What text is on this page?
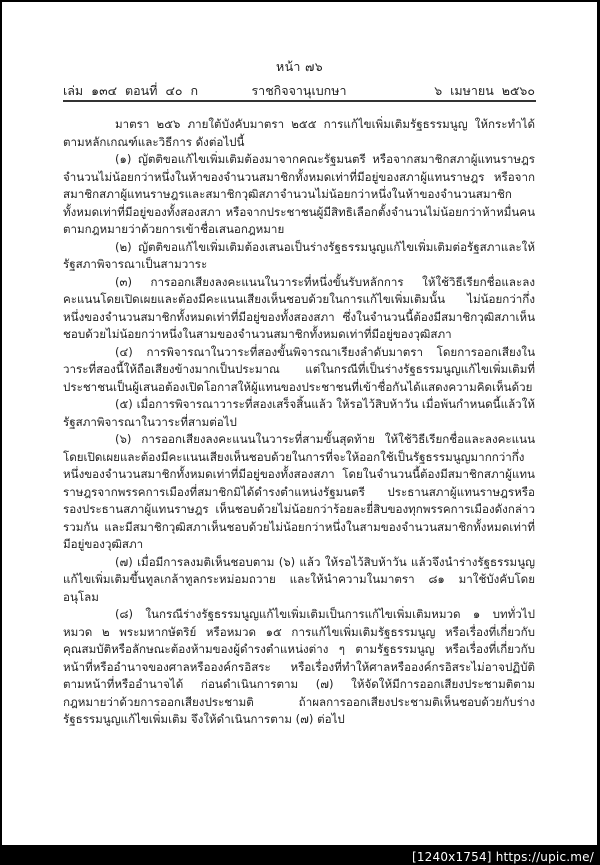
หน้า ๗๖
เล่ม ๑๓๔ ตอนที่ ๔๐ ก	ราชกิจจานุเบกษา	๖ เมษายน ๒๕๖๐

มาตรา ๒๕๖ ภายใต้บังคับมาตรา ๒๕๕ การแก้ไขเพิ่มเติมรัฐธรรมนูญ ให้กระทำได้ตามหลักเกณฑ์และวิธีการ ดังต่อไปนี้

(๑) ญัตติขอแก้ไขเพิ่มเติมต้องมาจากคณะรัฐมนตรี หรือจากสมาชิกสภาผู้แทนราษฎรจำนวนไม่น้อยกว่าหนึ่งในห้าของจำนวนสมาชิกทั้งหมดเท่าที่มีอยู่ของสภาผู้แทนราษฎร หรือจากสมาชิกสภาผู้แทนราษฎรและสมาชิกวุฒิสภาจำนวนไม่น้อยกว่าหนึ่งในห้าของจำนวนสมาชิกทั้งหมดเท่าที่มีอยู่ของทั้งสองสภา หรือจากประชาชนผู้มีสิทธิเลือกตั้งจำนวนไม่น้อยกว่าห้าหมื่นคนตามกฎหมายว่าด้วยการเข้าชื่อเสนอกฎหมาย

(๒) ญัตติขอแก้ไขเพิ่มเติมต้องเสนอเป็นร่างรัฐธรรมนูญแก้ไขเพิ่มเติมต่อรัฐสภาและให้รัฐสภาพิจารณาเป็นสามวาระ

(๓) การออกเสียงลงคะแนนในวาระที่หนึ่งขั้นรับหลักการ ให้ใช้วิธีเรียกชื่อและลงคะแนนโดยเปิดเผยและต้องมีคะแนนเสียงเห็นชอบด้วยในการแก้ไขเพิ่มเติมนั้น ไม่น้อยกว่ากึ่งหนึ่งของจำนวนสมาชิกทั้งหมดเท่าที่มีอยู่ของทั้งสองสภา ซึ่งในจำนวนนี้ต้องมีสมาชิกวุฒิสภาเห็นชอบด้วยไม่น้อยกว่าหนึ่งในสามของจำนวนสมาชิกทั้งหมดเท่าที่มีอยู่ของวุฒิสภา

(๔) การพิจารณาในวาระที่สองขั้นพิจารณาเรียงลำดับมาตรา โดยการออกเสียงในวาระที่สองนี้ให้ถือเสียงข้างมากเป็นประมาณ แต่ในกรณีที่เป็นร่างรัฐธรรมนูญแก้ไขเพิ่มเติมที่ประชาชนเป็นผู้เสนอต้องเปิดโอกาสให้ผู้แทนของประชาชนที่เข้าชื่อกันได้แสดงความคิดเห็นด้วย

(๕) เมื่อการพิจารณาวาระที่สองเสร็จสิ้นแล้ว ให้รอไว้สิบห้าวัน เมื่อพ้นกำหนดนี้แล้วให้รัฐสภาพิจารณาในวาระที่สามต่อไป

(๖) การออกเสียงลงคะแนนในวาระที่สามขั้นสุดท้าย ให้ใช้วิธีเรียกชื่อและลงคะแนนโดยเปิดเผยและต้องมีคะแนนเสียงเห็นชอบด้วยในการที่จะให้ออกใช้เป็นรัฐธรรมนูญมากกว่ากึ่งหนึ่งของจำนวนสมาชิกทั้งหมดเท่าที่มีอยู่ของทั้งสองสภา โดยในจำนวนนี้ต้องมีสมาชิกสภาผู้แทนราษฎรจากพรรคการเมืองที่สมาชิกมิได้ดำรงตำแหน่งรัฐมนตรี ประธานสภาผู้แทนราษฎรหรือรองประธานสภาผู้แทนราษฎร เห็นชอบด้วยไม่น้อยกว่าร้อยละยี่สิบของทุกพรรคการเมืองดังกล่าวรวมกัน และมีสมาชิกวุฒิสภาเห็นชอบด้วยไม่น้อยกว่าหนึ่งในสามของจำนวนสมาชิกทั้งหมดเท่าที่มีอยู่ของวุฒิสภา

(๗) เมื่อมีการลงมติเห็นชอบตาม (๖) แล้ว ให้รอไว้สิบห้าวัน แล้วจึงนำร่างรัฐธรรมนูญแก้ไขเพิ่มเติมขึ้นทูลเกล้าทูลกระหม่อมถวาย และให้นำความในมาตรา ๘๑ มาใช้บังคับโดยอนุโลม

(๘) ในกรณีร่างรัฐธรรมนูญแก้ไขเพิ่มเติมเป็นการแก้ไขเพิ่มเติมหมวด ๑ บททั่วไป หมวด ๒ พระมหากษัตริย์ หรือหมวด ๑๕ การแก้ไขเพิ่มเติมรัฐธรรมนูญ หรือเรื่องที่เกี่ยวกับคุณสมบัติหรือลักษณะต้องห้ามของผู้ดำรงตำแหน่งต่าง ๆ ตามรัฐธรรมนูญ หรือเรื่องที่เกี่ยวกับหน้าที่หรืออำนาจของศาลหรือองค์กรอิสระ หรือเรื่องที่ทำให้ศาลหรือองค์กรอิสระไม่อาจปฏิบัติตามหน้าที่หรืออำนาจได้ ก่อนดำเนินการตาม (๗) ให้จัดให้มีการออกเสียงประชามติตามกฎหมายว่าด้วยการออกเสียงประชามติ ถ้าผลการออกเสียงประชามติเห็นชอบด้วยกับร่างรัฐธรรมนูญแก้ไขเพิ่มเติม จึงให้ดำเนินการตาม (๗) ต่อไป

[1240x1754] https://upic.me/
